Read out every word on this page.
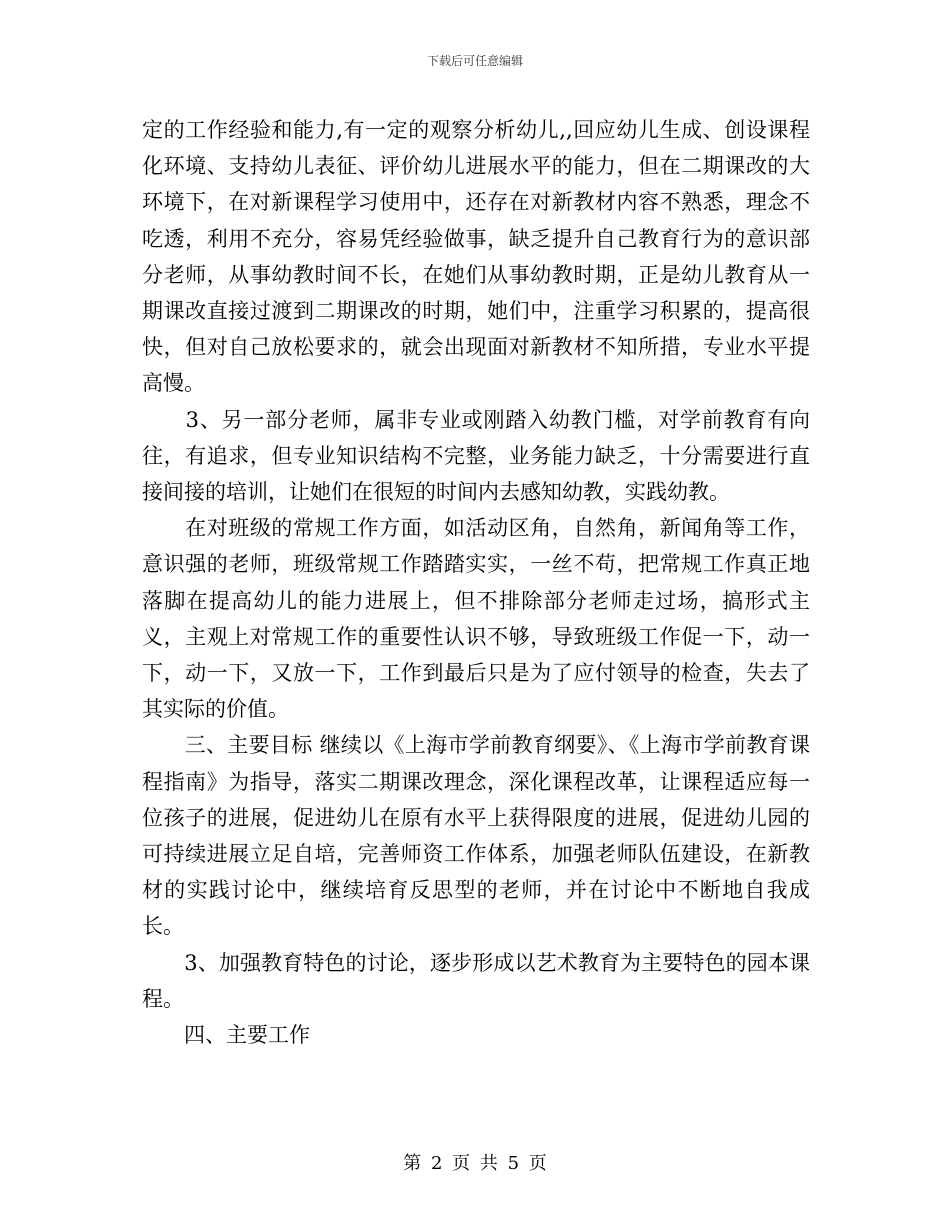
下载后可任意编辑

定的工作经验和能力,有一定的观察分析幼儿,,回应幼儿生成、创设课程化环境、支持幼儿表征、评价幼儿进展水平的能力，但在二期课改的大环境下，在对新课程学习使用中，还存在对新教材内容不熟悉，理念不吃透，利用不充分，容易凭经验做事，缺乏提升自己教育行为的意识部分老师，从事幼教时间不长，在她们从事幼教时期，正是幼儿教育从一期课改直接过渡到二期课改的时期，她们中，注重学习积累的，提高很快，但对自己放松要求的，就会出现面对新教材不知所措，专业水平提高慢。

　　3、另一部分老师，属非专业或刚踏入幼教门槛，对学前教育有向往，有追求，但专业知识结构不完整，业务能力缺乏，十分需要进行直接间接的培训，让她们在很短的时间内去感知幼教，实践幼教。

　　在对班级的常规工作方面，如活动区角，自然角，新闻角等工作，意识强的老师，班级常规工作踏踏实实，一丝不苟，把常规工作真正地落脚在提高幼儿的能力进展上，但不排除部分老师走过场，搞形式主义，主观上对常规工作的重要性认识不够，导致班级工作促一下，动一下，动一下，又放一下，工作到最后只是为了应付领导的检查，失去了其实际的价值。

　　三、主要目标 继续以《上海市学前教育纲要》、《上海市学前教育课程指南》为指导，落实二期课改理念，深化课程改革，让课程适应每一位孩子的进展，促进幼儿在原有水平上获得限度的进展，促进幼儿园的可持续进展立足自培，完善师资工作体系，加强老师队伍建设，在新教材的实践讨论中，继续培育反思型的老师，并在讨论中不断地自我成长。

　　3、加强教育特色的讨论，逐步形成以艺术教育为主要特色的园本课程。

　　四、主要工作

第 2 页 共 5 页
